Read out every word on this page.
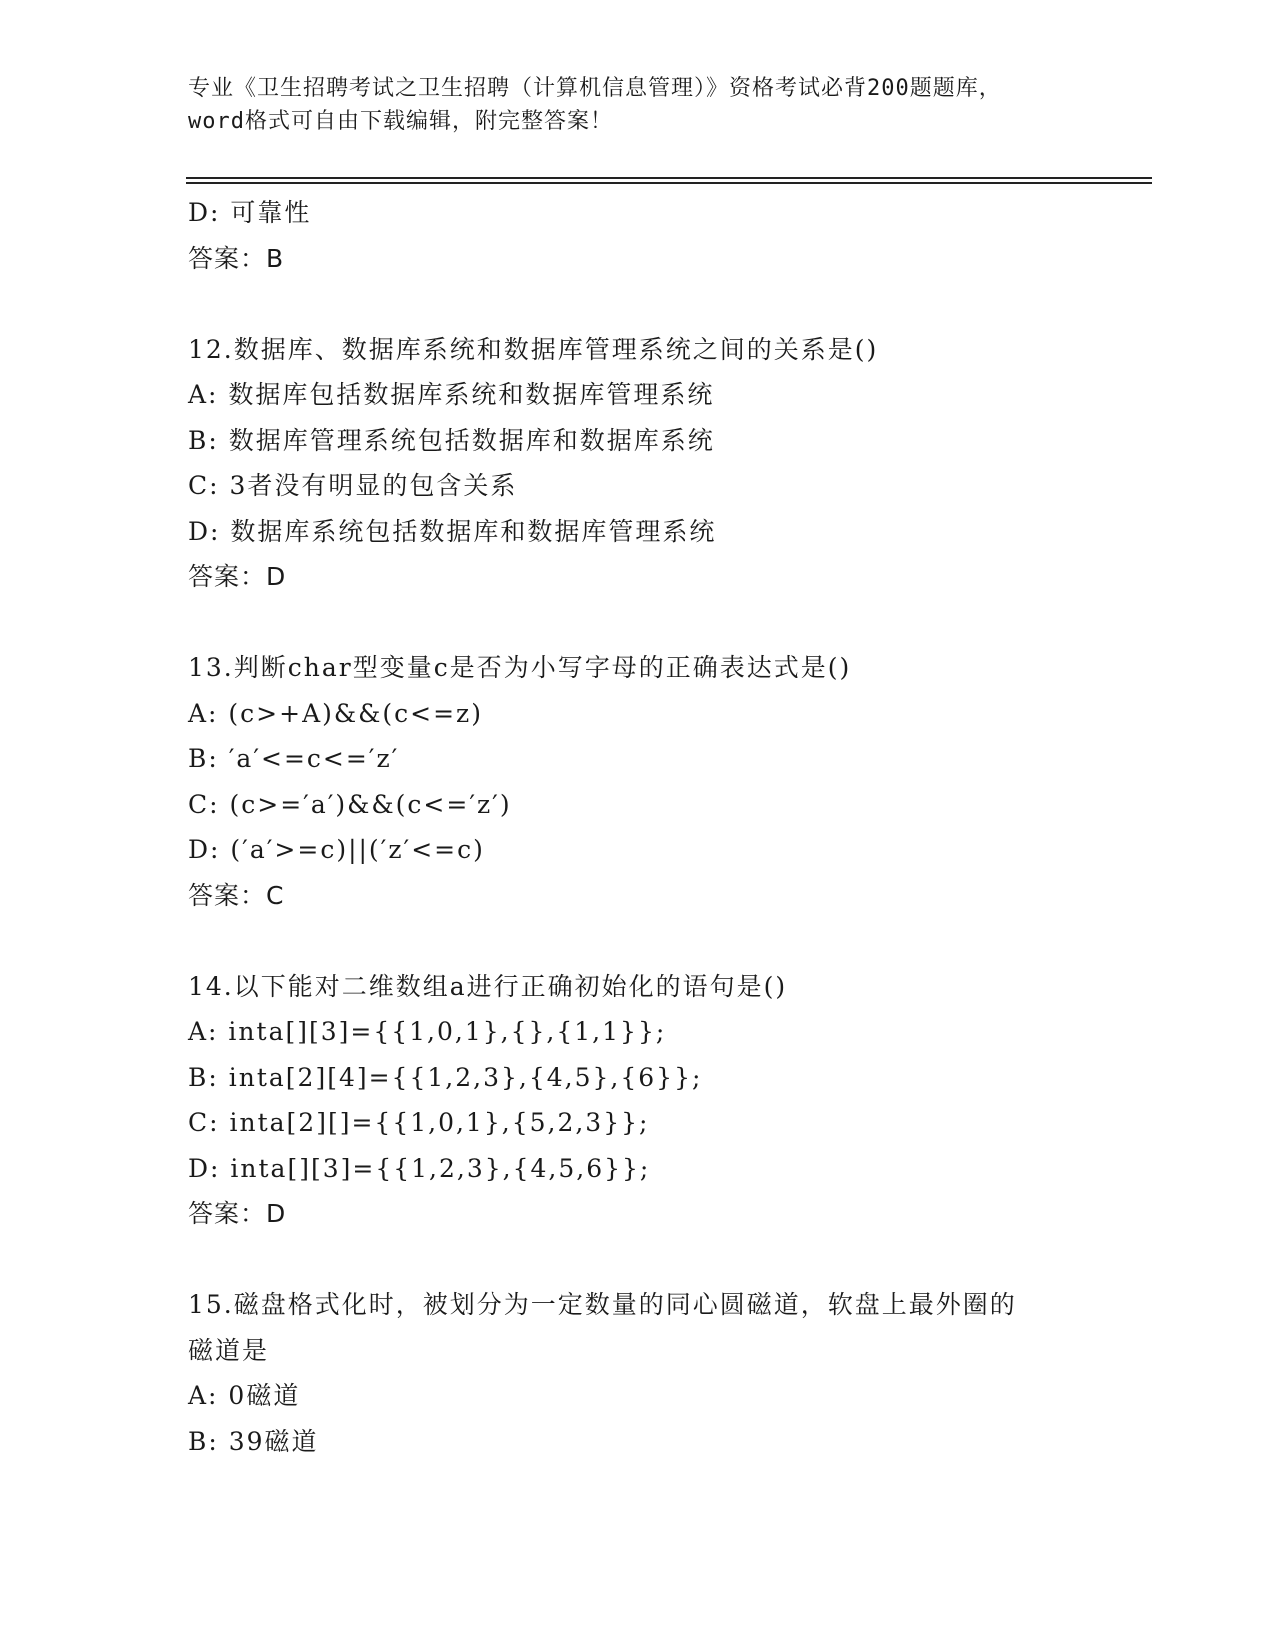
专业《卫生招聘考试之卫生招聘（计算机信息管理）》资格考试必背200题题库，
word格式可自由下载编辑，附完整答案！
D: 可靠性
答案：B
12.数据库、数据库系统和数据库管理系统之间的关系是()
A: 数据库包括数据库系统和数据库管理系统
B: 数据库管理系统包括数据库和数据库系统
C: 3者没有明显的包含关系
D: 数据库系统包括数据库和数据库管理系统
答案：D
13.判断char型变量c是否为小写字母的正确表达式是()
A: (c>+A)&&(c<=z)
B: ′a′<=c<=′z′
C: (c>=′a′)&&(c<=′z′)
D: (′a′>=c)||(′z′<=c)
答案：C
14.以下能对二维数组a进行正确初始化的语句是()
A: inta[][3]={{1,0,1},{},{1,1}};
B: inta[2][4]={{1,2,3},{4,5},{6}};
C: inta[2][]={{1,0,1},{5,2,3}};
D: inta[][3]={{1,2,3},{4,5,6}};
答案：D
15.磁盘格式化时，被划分为一定数量的同心圆磁道，软盘上最外圈的
磁道是
A: 0磁道
B: 39磁道
